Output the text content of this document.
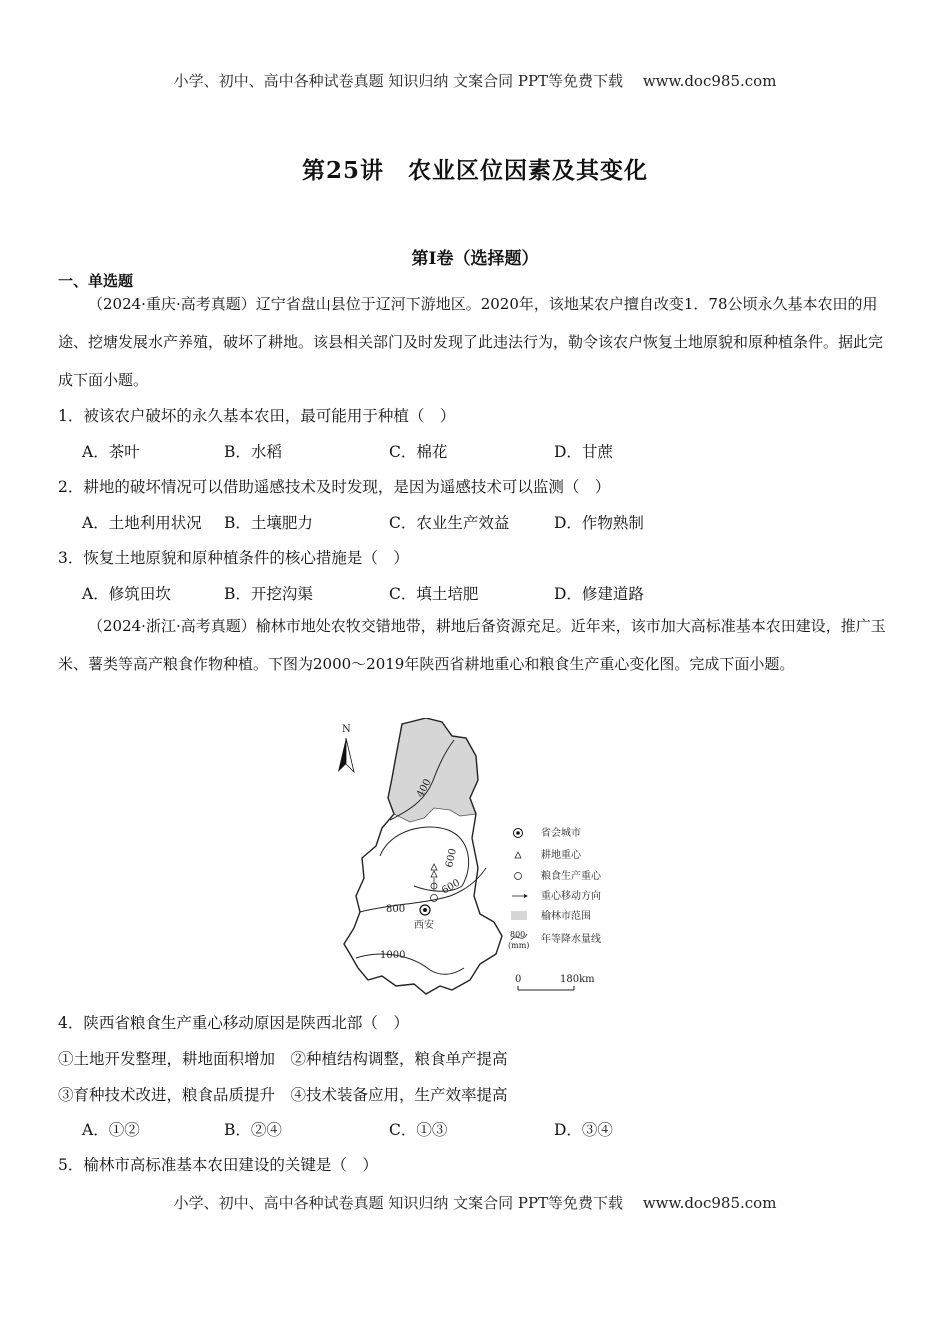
小学、初中、高中各种试卷真题 知识归纳 文案合同 PPT等免费下载 　www.doc985.com
第25讲　农业区位因素及其变化
第I卷（选择题）
一、单选题
（2024·重庆·高考真题）辽宁省盘山县位于辽河下游地区。2020年，该地某农户擅自改变1．78公顷永久基本农田的用途、挖塘发展水产养殖，破坏了耕地。该县相关部门及时发现了此违法行为，勒令该农户恢复土地原貌和原种植条件。据此完成下面小题。
1．被该农户破坏的永久基本农田，最可能用于种植（　）
A．茶叶	B．水稻	C．棉花	D．甘蔗
2．耕地的破坏情况可以借助遥感技术及时发现，是因为遥感技术可以监测（　）
A．土地利用状况 B．土壤肥力	C．农业生产效益	D．作物熟制
3．恢复土地原貌和原种植条件的核心措施是（　）
A．修筑田坎	B．开挖沟渠	C．填土培肥	D．修建道路
（2024·浙江·高考真题）榆林市地处农牧交错地带，耕地后备资源充足。近年来，该市加大高标准基本农田建设，推广玉米、薯类等高产粮食作物种植。下图为2000～2019年陕西省耕地重心和粮食生产重心变化图。完成下面小题。
N
400
600
600
800
1000
西安
省会城市
耕地重心
粮食生产重心
重心移动方向
榆林市范围
800
(mm)
年等降水量线
0	180km
4．陕西省粮食生产重心移动原因是陕西北部（　）
①土地开发整理，耕地面积增加　②种植结构调整，粮食单产提高
③育种技术改进，粮食品质提升　④技术装备应用，生产效率提高
A．①②	B．②④	C．①③	D．③④
5．榆林市高标准基本农田建设的关键是（　）
小学、初中、高中各种试卷真题 知识归纳 文案合同 PPT等免费下载 　www.doc985.com
